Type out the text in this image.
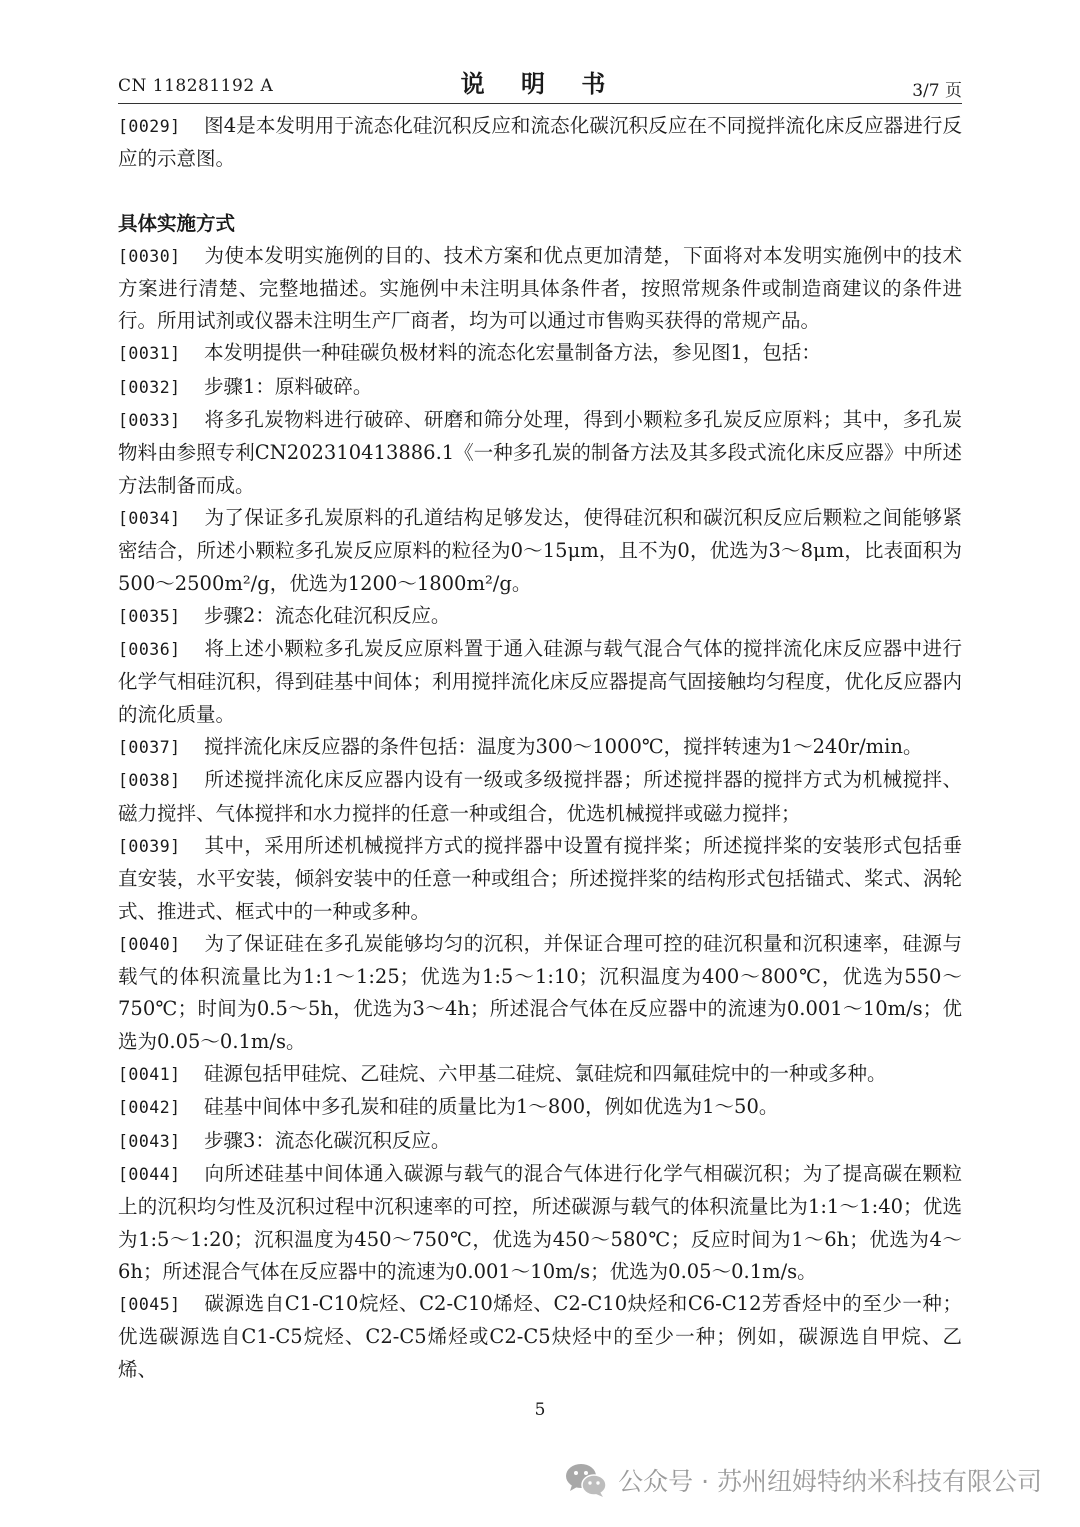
CN 118281192 A	说 明 书	3/7 页

[0029] 图4是本发明用于流态化硅沉积反应和流态化碳沉积反应在不同搅拌流化床反应器进行反应的示意图。

具体实施方式

[0030] 为使本发明实施例的目的、技术方案和优点更加清楚，下面将对本发明实施例中的技术方案进行清楚、完整地描述。实施例中未注明具体条件者，按照常规条件或制造商建议的条件进行。所用试剂或仪器未注明生产厂商者，均为可以通过市售购买获得的常规产品。

[0031] 本发明提供一种硅碳负极材料的流态化宏量制备方法，参见图1，包括：

[0032] 步骤1：原料破碎。

[0033] 将多孔炭物料进行破碎、研磨和筛分处理，得到小颗粒多孔炭反应原料；其中，多孔炭物料由参照专利CN202310413886.1《一种多孔炭的制备方法及其多段式流化床反应器》中所述方法制备而成。

[0034] 为了保证多孔炭原料的孔道结构足够发达，使得硅沉积和碳沉积反应后颗粒之间能够紧密结合，所述小颗粒多孔炭反应原料的粒径为0～15μm，且不为0，优选为3～8μm，比表面积为500～2500m²/g，优选为1200～1800m²/g。

[0035] 步骤2：流态化硅沉积反应。

[0036] 将上述小颗粒多孔炭反应原料置于通入硅源与载气混合气体的搅拌流化床反应器中进行化学气相硅沉积，得到硅基中间体；利用搅拌流化床反应器提高气固接触均匀程度，优化反应器内的流化质量。

[0037] 搅拌流化床反应器的条件包括：温度为300～1000℃，搅拌转速为1～240r/min。

[0038] 所述搅拌流化床反应器内设有一级或多级搅拌器；所述搅拌器的搅拌方式为机械搅拌、磁力搅拌、气体搅拌和水力搅拌的任意一种或组合，优选机械搅拌或磁力搅拌；

[0039] 其中，采用所述机械搅拌方式的搅拌器中设置有搅拌桨；所述搅拌桨的安装形式包括垂直安装，水平安装，倾斜安装中的任意一种或组合；所述搅拌桨的结构形式包括锚式、桨式、涡轮式、推进式、框式中的一种或多种。

[0040] 为了保证硅在多孔炭能够均匀的沉积，并保证合理可控的硅沉积量和沉积速率，硅源与载气的体积流量比为1:1～1:25；优选为1:5～1:10；沉积温度为400～800℃，优选为550～750℃；时间为0.5～5h，优选为3～4h；所述混合气体在反应器中的流速为0.001～10m/s；优选为0.05～0.1m/s。

[0041] 硅源包括甲硅烷、乙硅烷、六甲基二硅烷、氯硅烷和四氟硅烷中的一种或多种。

[0042] 硅基中间体中多孔炭和硅的质量比为1～800，例如优选为1～50。

[0043] 步骤3：流态化碳沉积反应。

[0044] 向所述硅基中间体通入碳源与载气的混合气体进行化学气相碳沉积；为了提高碳在颗粒上的沉积均匀性及沉积过程中沉积速率的可控，所述碳源与载气的体积流量比为1:1～1:40；优选为1:5～1:20；沉积温度为450～750℃，优选为450～580℃；反应时间为1～6h；优选为4～6h；所述混合气体在反应器中的流速为0.001～10m/s；优选为0.05～0.1m/s。

[0045] 碳源选自C1-C10烷烃、C2-C10烯烃、C2-C10炔烃和C6-C12芳香烃中的至少一种；优选碳源选自C1-C5烷烃、C2-C5烯烃或C2-C5炔烃中的至少一种；例如，碳源选自甲烷、乙烯、

5
公众号 · 苏州纽姆特纳米科技有限公司
